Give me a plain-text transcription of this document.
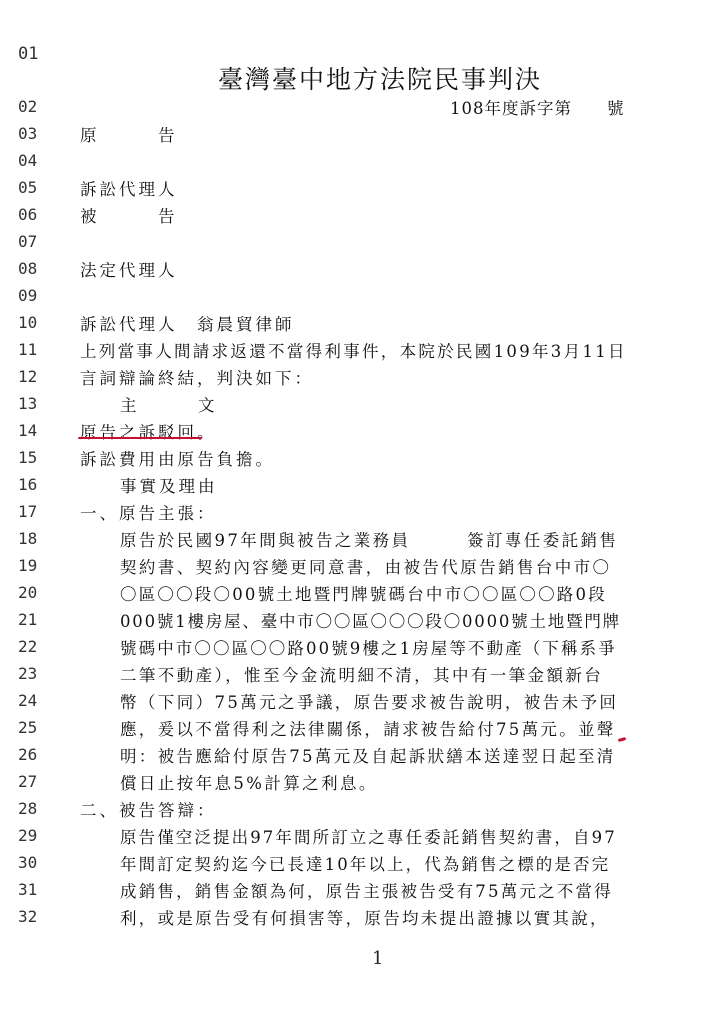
01
臺灣臺中地方法院民事判決
02	108年度訴字第　　號
03	原　　　告
04
05	訴訟代理人
06	被　　　告
07
08	法定代理人
09
10	訴訟代理人　翁晨貿律師
11	上列當事人間請求返還不當得利事件，本院於民國109年3月11日
12	言詞辯論終結，判決如下：
13	主　　　文
14	原告之訴駁回。
15	訴訟費用由原告負擔。
16	事實及理由
17	一、原告主張：
18	原告於民國97年間與被告之業務員　　　簽訂專任委託銷售
19	契約書、契約內容變更同意書，由被告代原告銷售台中市〇
20	〇區〇〇段〇00號土地暨門牌號碼台中市〇〇區〇〇路0段
21	000號1樓房屋、臺中市〇〇區〇〇〇段〇0000號土地暨門牌
22	號碼中市〇〇區〇〇路00號9樓之1房屋等不動產（下稱系爭
23	二筆不動產），惟至今金流明細不清，其中有一筆金額新台
24	幣（下同）75萬元之爭議，原告要求被告說明，被告未予回
25	應，爰以不當得利之法律關係，請求被告給付75萬元。並聲
26	明：被告應給付原告75萬元及自起訴狀繕本送達翌日起至清
27	償日止按年息5%計算之利息。
28	二、被告答辯：
29	原告僅空泛提出97年間所訂立之專任委託銷售契約書，自97
30	年間訂定契約迄今已長達10年以上，代為銷售之標的是否完
31	成銷售，銷售金額為何，原告主張被告受有75萬元之不當得
32	利，或是原告受有何損害等，原告均未提出證據以實其說，
1
